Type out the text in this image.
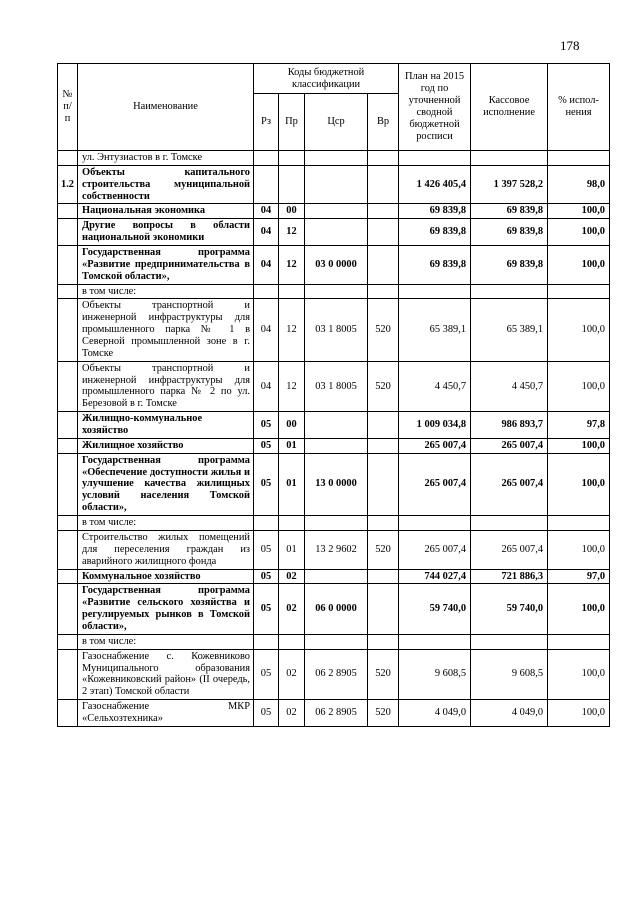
178
№ п/п	Наименование	Коды бюджетной классификации				План на 2015 год по уточненной сводной бюджетной росписи	Кассовое исполнение	% испол-нения
		Рз	Пр	Цср	Вр			
	ул. Энтузиастов в г. Томске							
1.2	Объекты капитального строительства муниципальной собственности					1 426 405,4	1 397 528,2	98,0
	Национальная экономика	04	00			69 839,8	69 839,8	100,0
	Другие вопросы в области национальной экономики	04	12			69 839,8	69 839,8	100,0
	Государственная программа «Развитие предпринимательства в Томской области»,	04	12	03 0 0000		69 839,8	69 839,8	100,0
	в том числе:							
	Объекты транспортной и инженерной инфраструктуры для промышленного парка № 1 в Северной промышленной зоне в г. Томске	04	12	03 1 8005	520	65 389,1	65 389,1	100,0
	Объекты транспортной и инженерной инфраструктуры для промышленного парка № 2 по ул. Березовой в г. Томске	04	12	03 1 8005	520	4 450,7	4 450,7	100,0
	Жилищно-коммунальное хозяйство	05	00			1 009 034,8	986 893,7	97,8
	Жилищное хозяйство	05	01			265 007,4	265 007,4	100,0
	Государственная программа «Обеспечение доступности жилья и улучшение качества жилищных условий населения Томской области»,	05	01	13 0 0000		265 007,4	265 007,4	100,0
	в том числе:							
	Строительство жилых помещений для переселения граждан из аварийного жилищного фонда	05	01	13 2 9602	520	265 007,4	265 007,4	100,0
	Коммунальное хозяйство	05	02			744 027,4	721 886,3	97,0
	Государственная программа «Развитие сельского хозяйства и регулируемых рынков в Томской области»,	05	02	06 0 0000		59 740,0	59 740,0	100,0
	в том числе:							
	Газоснабжение с. Кожевниково Муниципального образования «Кожевниковский район» (II очередь, 2 этап) Томской области	05	02	06 2 8905	520	9 608,5	9 608,5	100,0
	Газоснабжение МКР «Сельхозтехника»	05	02	06 2 8905	520	4 049,0	4 049,0	100,0
